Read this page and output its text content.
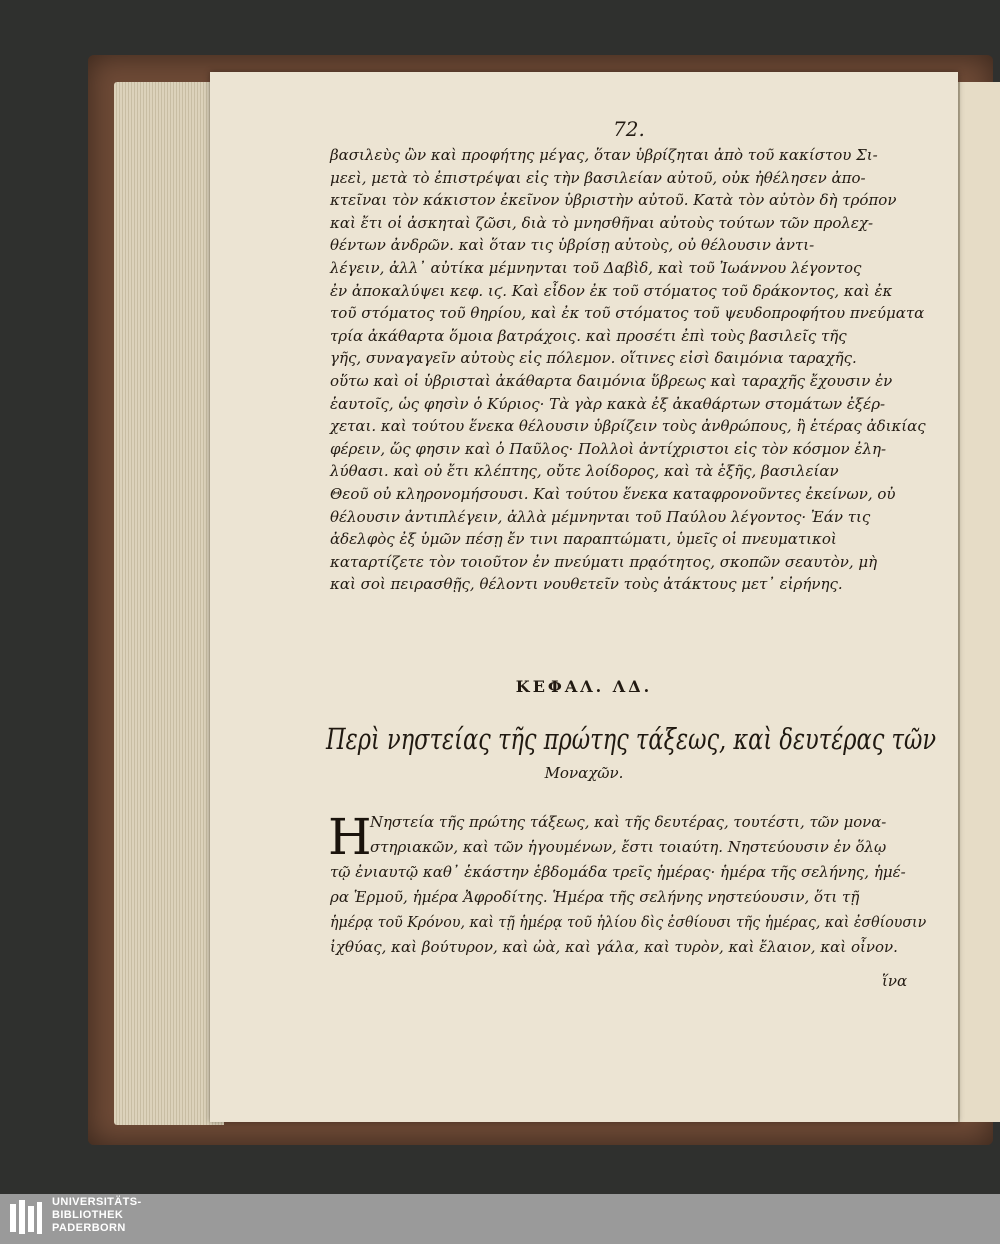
72.
βασιλεὺς ὢν καὶ προφήτης μέγας, ὅταν ὑβρίζηται ἀπὸ τοῦ κακίστου Σι-
μεεὶ, μετὰ τὸ ἐπιστρέψαι εἰς τὴν βασιλείαν αὐτοῦ, οὐκ ἠθέλησεν ἀπο-
κτεῖναι τὸν κάκιστον ἐκεῖνον ὑβριστὴν αὐτοῦ. Κατὰ τὸν αὐτὸν δὴ τρόπον
καὶ ἔτι οἱ ἀσκηταὶ ζῶσι, διὰ τὸ μνησθῆναι αὐτοὺς τούτων τῶν προλεχ-
θέντων ἀνδρῶν. καὶ ὅταν τις ὑβρίσῃ αὐτοὺς, οὐ θέλουσιν ἀντι-
λέγειν, ἀλλ᾽ αὐτίκα μέμνηνται τοῦ Δαβὶδ, καὶ τοῦ Ἰωάννου λέγοντος
ἐν ἀποκαλύψει κεφ. ιϛ. Καὶ εἶδον ἐκ τοῦ στόματος τοῦ δράκοντος, καὶ ἐκ
τοῦ στόματος τοῦ θηρίου, καὶ ἐκ τοῦ στόματος τοῦ ψευδοπροφήτου πνεύματα
τρία ἀκάθαρτα ὅμοια βατράχοις. καὶ προσέτι ἐπὶ τοὺς βασιλεῖς τῆς
γῆς, συναγαγεῖν αὐτοὺς εἰς πόλεμον. οἵτινες εἰσὶ δαιμόνια ταραχῆς.
οὕτω καὶ οἱ ὑβρισταὶ ἀκάθαρτα δαιμόνια ὕβρεως καὶ ταραχῆς ἔχουσιν ἐν
ἑαυτοῖς, ὡς φησὶν ὁ Κύριος· Τὰ γὰρ κακὰ ἐξ ἀκαθάρτων στομάτων ἐξέρ-
χεται. καὶ τούτου ἕνεκα θέλουσιν ὑβρίζειν τοὺς ἀνθρώπους, ἢ ἑτέρας ἀδικίας
φέρειν, ὥς φησιν καὶ ὁ Παῦλος· Πολλοὶ ἀντίχριστοι εἰς τὸν κόσμον ἐλη-
λύθασι. καὶ οὐ ἔτι κλέπτης, οὔτε λοίδορος, καὶ τὰ ἑξῆς, βασιλείαν
Θεοῦ οὐ κληρονομήσουσι. Καὶ τούτου ἕνεκα καταφρονοῦντες ἐκείνων, οὐ
θέλουσιν ἀντιπλέγειν, ἀλλὰ μέμνηνται τοῦ Παύλου λέγοντος· Ἐάν τις
ἀδελφὸς ἐξ ὑμῶν πέσῃ ἔν τινι παραπτώματι, ὑμεῖς οἱ πνευματικοὶ
καταρτίζετε τὸν τοιοῦτον ἐν πνεύματι πρᾳότητος, σκοπῶν σεαυτὸν, μὴ
καὶ σοὶ πειρασθῇς, θέλοντι νουθετεῖν τοὺς ἀτάκτους μετ᾽ εἰρήνης.
ΚΕΦΑΛ. ΛΔ.
Περὶ νηστείας τῆς πρώτης τάξεως, καὶ δευτέρας τῶν
Μοναχῶν.
Η
Νηστεία τῆς πρώτης τάξεως, καὶ τῆς δευτέρας, τουτέστι, τῶν μονα-
στηριακῶν, καὶ τῶν ἡγουμένων, ἔστι τοιαύτη. Νηστεύουσιν ἐν ὅλῳ
τῷ ἐνιαυτῷ καθ᾽ ἑκάστην ἑβδομάδα τρεῖς ἡμέρας· ἡμέρα τῆς σελήνης, ἡμέ-
ρα Ἑρμοῦ, ἡμέρα Ἀφροδίτης. Ἡμέρα τῆς σελήνης νηστεύουσιν, ὅτι τῇ
ἡμέρᾳ τοῦ Κρόνου, καὶ τῇ ἡμέρᾳ τοῦ ἡλίου δὶς ἐσθίουσι τῆς ἡμέρας, καὶ ἐσθίουσιν
ἰχθύας, καὶ βούτυρον, καὶ ὠὰ, καὶ γάλα, καὶ τυρὸν, καὶ ἔλαιον, καὶ οἶνον.
ἵνα
UNIVERSITÄTS-
BIBLIOTHEK
PADERBORN
